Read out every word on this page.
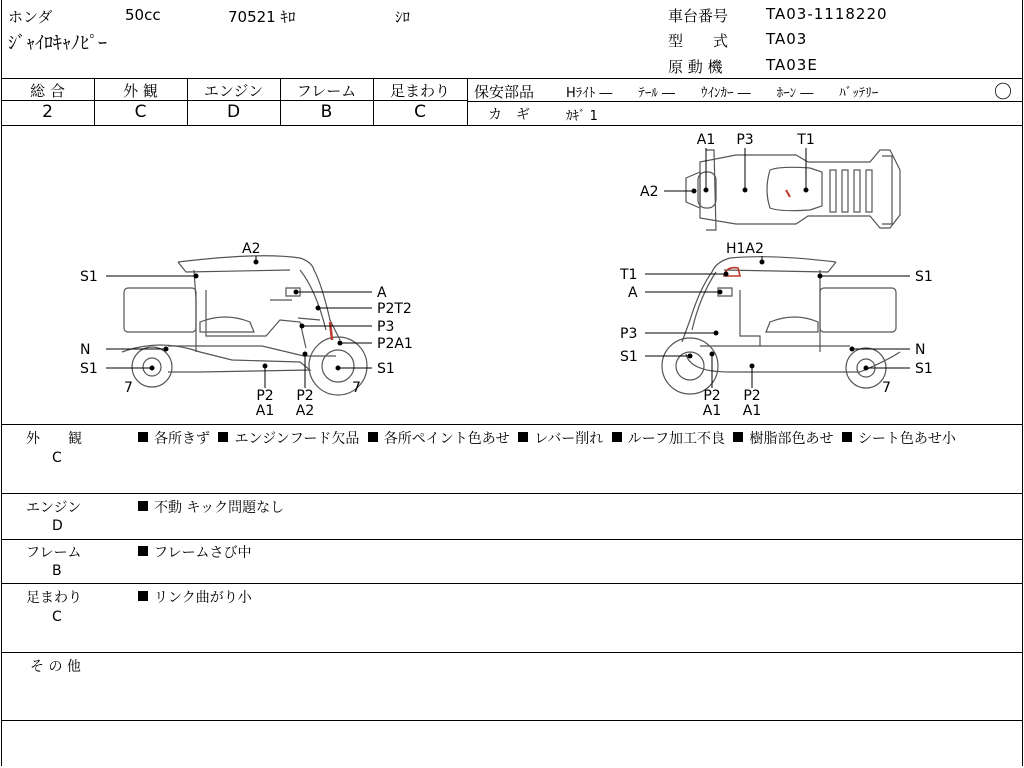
ホンダ	50cc	70521 ｷﾛ	ｼﾛ
ｼﾞｬｲﾛｷｬﾉﾋﾟｰ
車台番号	TA03-1118220
型　　式	TA03
原 動 機	TA03E
総 合	外 観	エンジン	フレーム	足まわり
2	C	D	B	C
保安部品 Hﾗｲﾄ ―　　ﾃｰﾙ ―　　ｳｲﾝｶｰ ―　　ﾎｰﾝ ―　　ﾊﾞｯﾃﾘｰ	〇
カ　ギ	ｶｷﾞ 1
A1 P3	T1
A2
A2
S1
A
P2T2
P3
P2A1
N
S1	S1
7	7
P2
A1
P2
A2
H1A2
T1
A
S1
P3
S1	N
S1
7
P2
A1
P2
A1
外　　観
C
各所きず エンジンフード欠品 各所ペイント色あせ レバー削れ ルーフ加工不良 樹脂部色あせ シート色あせ小
エンジン
D
不動 キック問題なし
フレーム
B
フレームさび中
足まわり
C
リンク曲がり小
そ の 他
